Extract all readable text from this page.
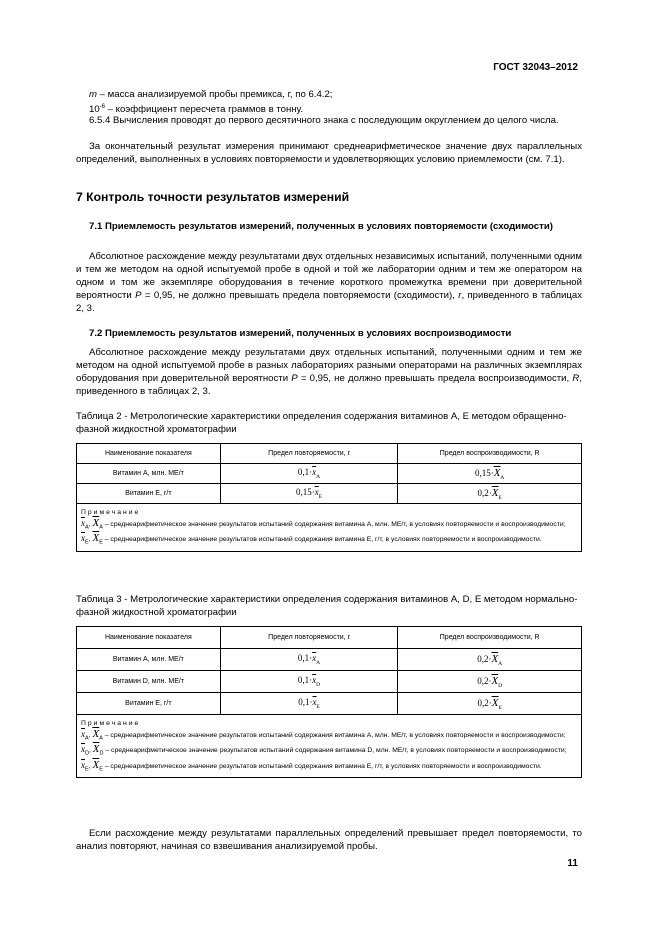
ГОСТ 32043–2012
m – масса анализируемой пробы премикса, г, по 6.4.2;
$10^{-6}$ – коэффициент пересчета граммов в тонну.
6.5.4 Вычисления проводят до первого десятичного знака с последующим округлением до целого числа.
За окончательный результат измерения принимают среднеарифметическое значение двух параллельных определений, выполненных в условиях повторяемости и удовлетворяющих условию приемлемости (см. 7.1).
7 Контроль точности результатов измерений
7.1 Приемлемость результатов измерений, полученных в условиях повторяемости (сходимости)
Абсолютное расхождение между результатами двух отдельных независимых испытаний, полученными одним и тем же методом на одной испытуемой пробе в одной и той же лаборатории одним и тем же оператором на одном и том же экземпляре оборудования в течение короткого промежутка времени при доверительной вероятности P = 0,95, не должно превышать предела повторяемости (сходимости), r, приведенного в таблицах 2, 3.
7.2 Приемлемость результатов измерений, полученных в условиях воспроизводимости
Абсолютное расхождение между результатами двух отдельных испытаний, полученными одним и тем же методом на одной испытуемой пробе в разных лабораториях разными операторами на различных экземплярах оборудования при доверительной вероятности P = 0,95, не должно превышать предела воспроизводимости, R, приведенного в таблицах 2, 3.
Таблица 2 - Метрологические характеристики определения содержания витаминов А, Е методом обращенно-фазной жидкостной хроматографии
Наименование показателя	Предел повторяемости, r	Предел воспроизводимости, R
Витамин А, млн. МЕ/т	$0,1\cdot\overline{x}_А$	$0,15\cdot\overline{X}_А$
Витамин Е, г/т	$0,15\cdot\overline{x}_Е$	$0,2\cdot\overline{X}_Е$

Примечание
$\overline{x}_А$, $\overline{X}_А$ – среднеарифметическое значение результатов испытаний содержания витамина А, млн. МЕ/т, в условиях повторяемости и воспроизводимости;
$\overline{x}_Е$, $\overline{X}_Е$ – среднеарифметическое значение результатов испытаний содержания витамина Е, г/т, в условиях повторяемости и воспроизводимости.		
Таблица 3 - Метрологические характеристики определения содержания витаминов А, D, Е методом нормально-фазной жидкостной хроматографии
Наименование показателя	Предел повторяемости, r	Предел воспроизводимости, R
Витамин А, млн. МЕ/т	$0,1\cdot\overline{x}_А$	$0,2\cdot\overline{X}_А$
Витамин D, млн. МЕ/т	$0,1\cdot\overline{x}_D$	$0,2\cdot\overline{X}_D$
Витамин Е, г/т	$0,1\cdot\overline{x}_Е$	$0,2\cdot\overline{X}_Е$

Примечание
$\overline{x}_А$, $\overline{X}_А$ – среднеарифметическое значение результатов испытаний содержания витамина А, млн. МЕ/т, в условиях повторяемости и воспроизводимости;
$\overline{x}_D$, $\overline{X}_D$ – среднеарифметическое значение результатов испытаний содержания витамина D, млн. МЕ/т, в условиях повторяемости и воспроизводимости;
$\overline{x}_Е$, $\overline{X}_Е$ – среднеарифметическое значение результатов испытаний содержания витамина Е, г/т, в условиях повторяемости и воспроизводимости.		
Если расхождение между результатами параллельных определений превышает предел повторяемости, то анализ повторяют, начиная со взвешивания анализируемой пробы.
11
